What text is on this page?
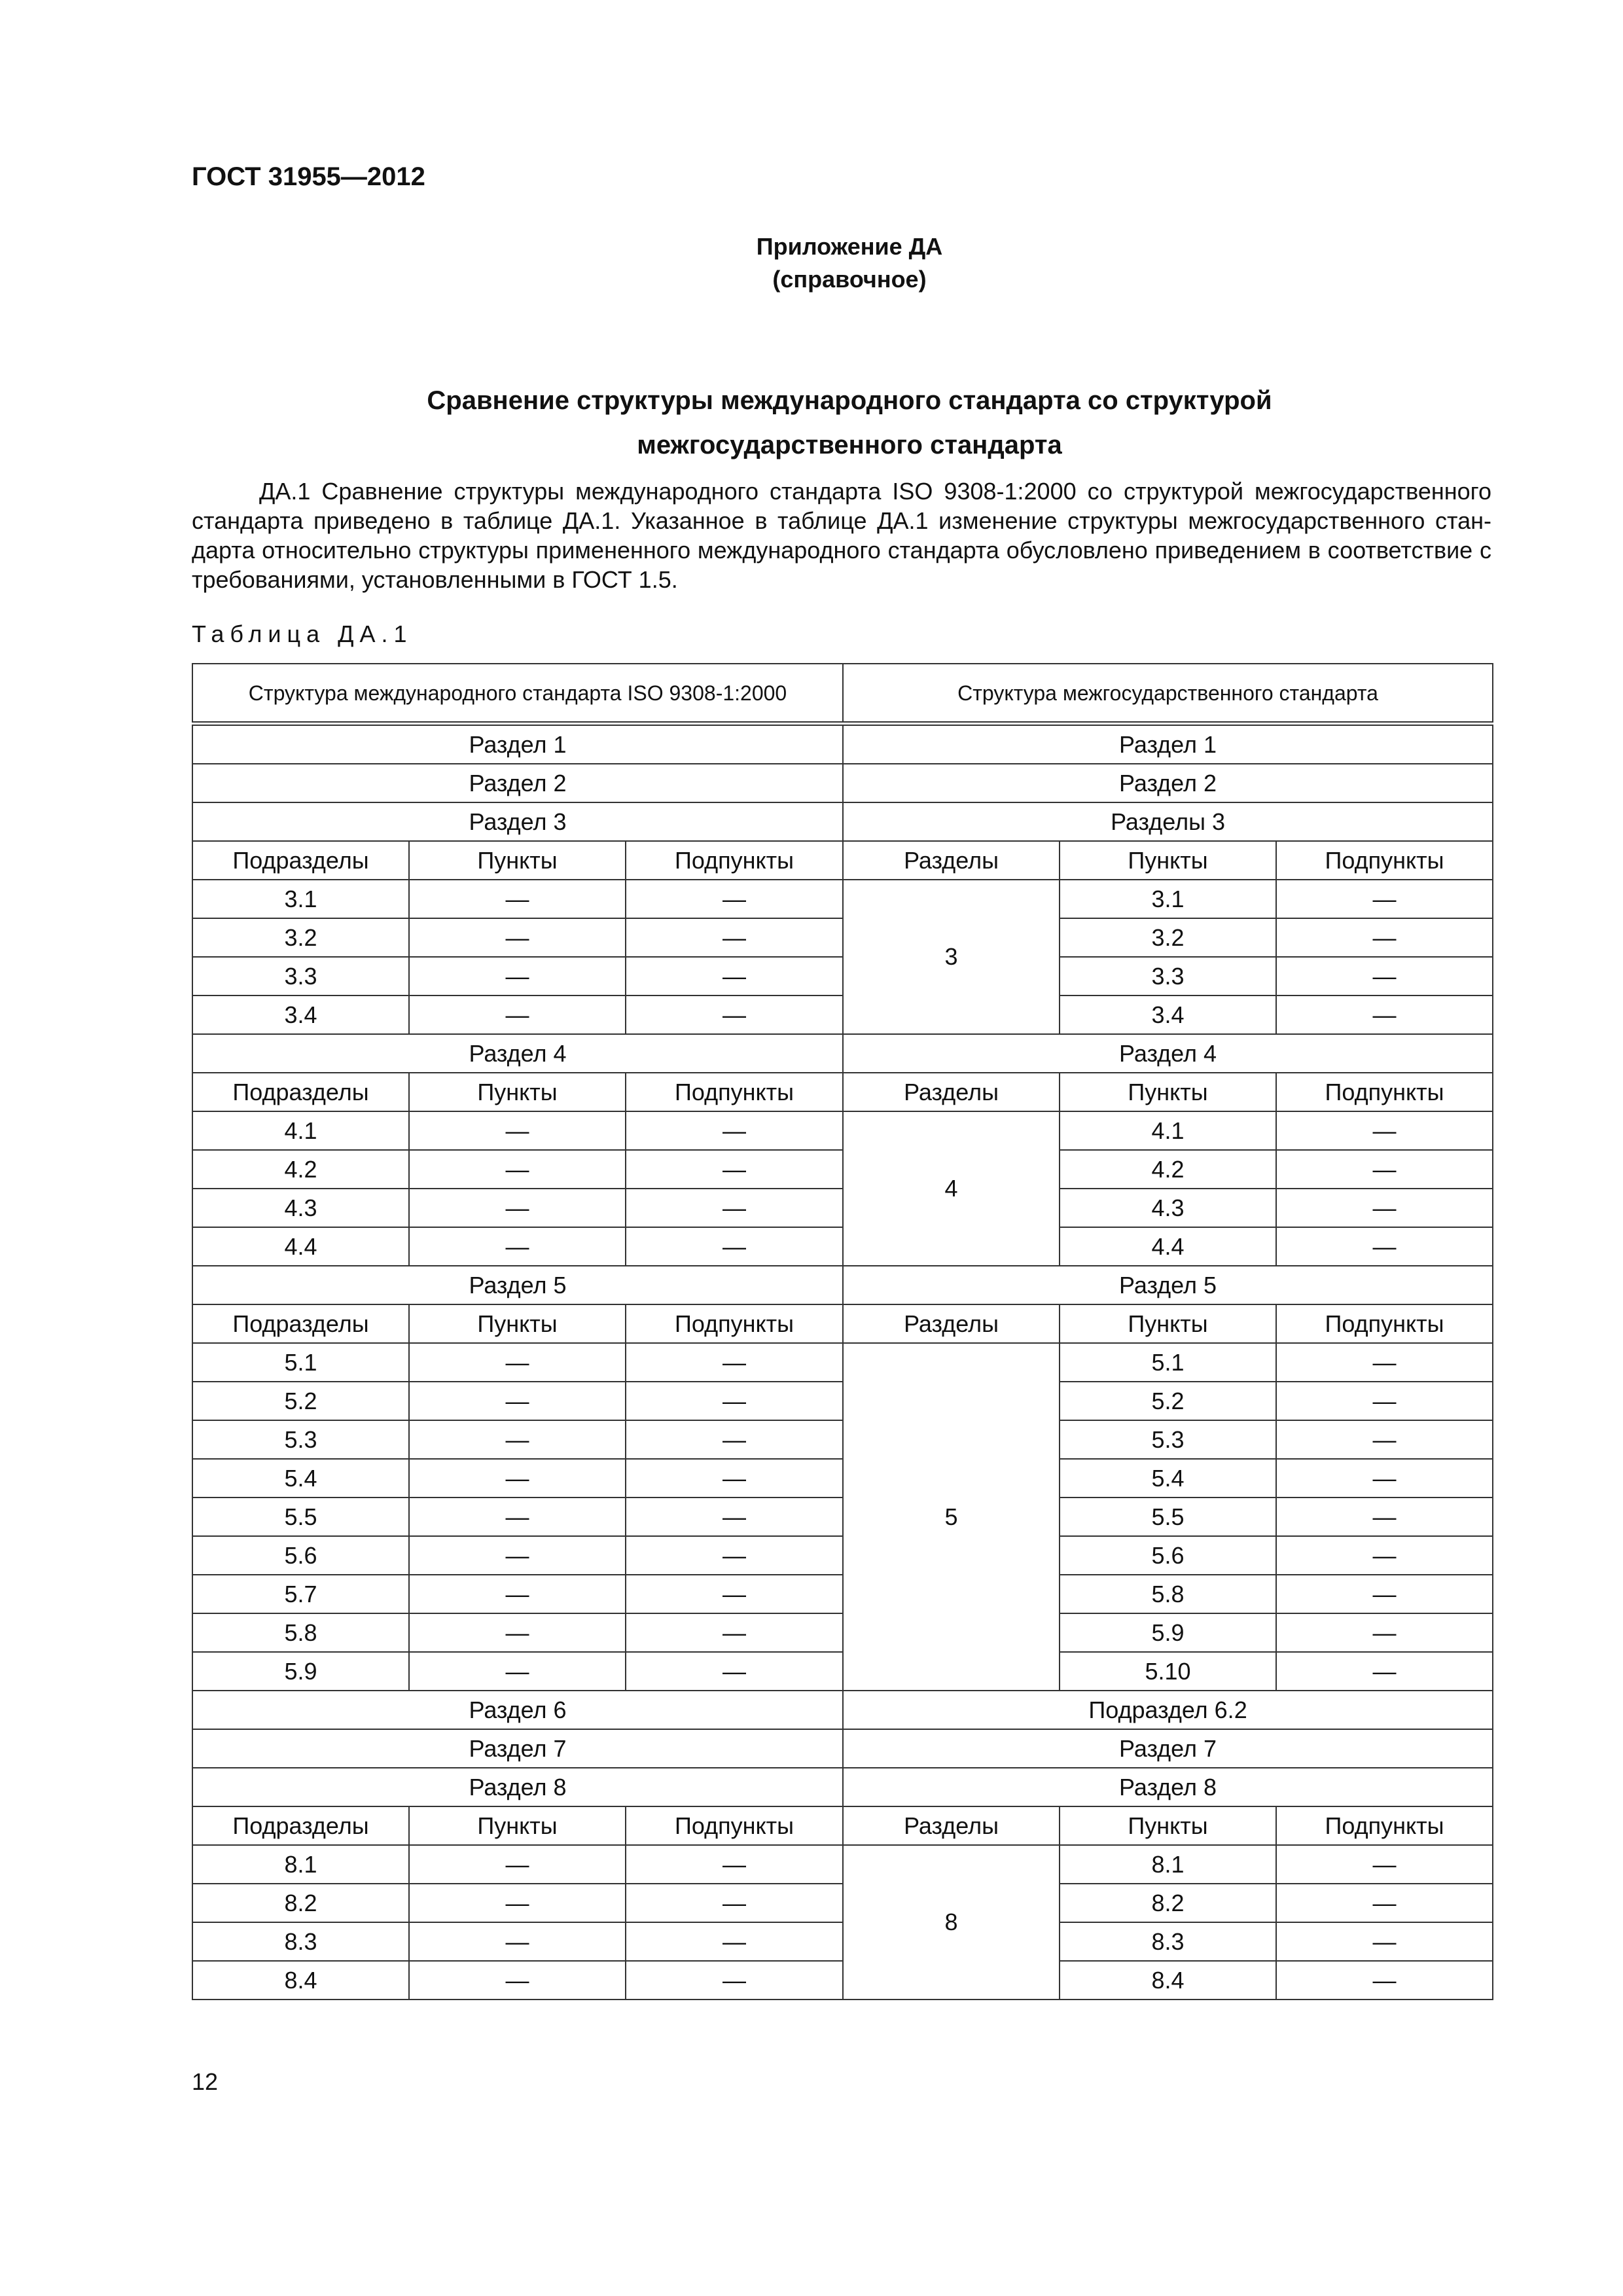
ГОСТ 31955—2012
Приложение ДА
(справочное)
Сравнение структуры международного стандарта со структурой
межгосударственного стандарта
ДА.1 Сравнение структуры международного стандарта ISO 9308-1:2000 со структурой межгосударственного стандарта приведено в таблице ДА.1. Указанное в таблице ДА.1 изменение структуры межгосударственного стандарта относительно структуры примененного международного стандарта обусловлено приведением в соответствие с требованиями, установленными в ГОСТ 1.5.
Таблица ДА.1
Структура международного стандарта ISO 9308-1:2000			Структура межгосударственного стандарта		
Раздел 1			Раздел 1		
Раздел 2			Раздел 2		
Раздел 3			Разделы 3		
Подразделы	Пункты	Подпункты	Разделы	Пункты	Подпункты
3.1	—	—	3	3.1	—
3.2	—	—		3.2	—
3.3	—	—		3.3	—
3.4	—	—		3.4	—
Раздел 4			Раздел 4		
Подразделы	Пункты	Подпункты	Разделы	Пункты	Подпункты
4.1	—	—	4	4.1	—
4.2	—	—		4.2	—
4.3	—	—		4.3	—
4.4	—	—		4.4	—
Раздел 5			Раздел 5		
Подразделы	Пункты	Подпункты	Разделы	Пункты	Подпункты
5.1	—	—	5	5.1	—
5.2	—	—		5.2	—
5.3	—	—		5.3	—
5.4	—	—		5.4	—
5.5	—	—		5.5	—
5.6	—	—		5.6	—
5.7	—	—		5.8	—
5.8	—	—		5.9	—
5.9	—	—		5.10	—
Раздел 6			Подраздел 6.2		
Раздел 7			Раздел 7		
Раздел 8			Раздел 8		
Подразделы	Пункты	Подпункты	Разделы	Пункты	Подпункты
8.1	—	—	8	8.1	—
8.2	—	—		8.2	—
8.3	—	—		8.3	—
8.4	—	—		8.4	—
12
